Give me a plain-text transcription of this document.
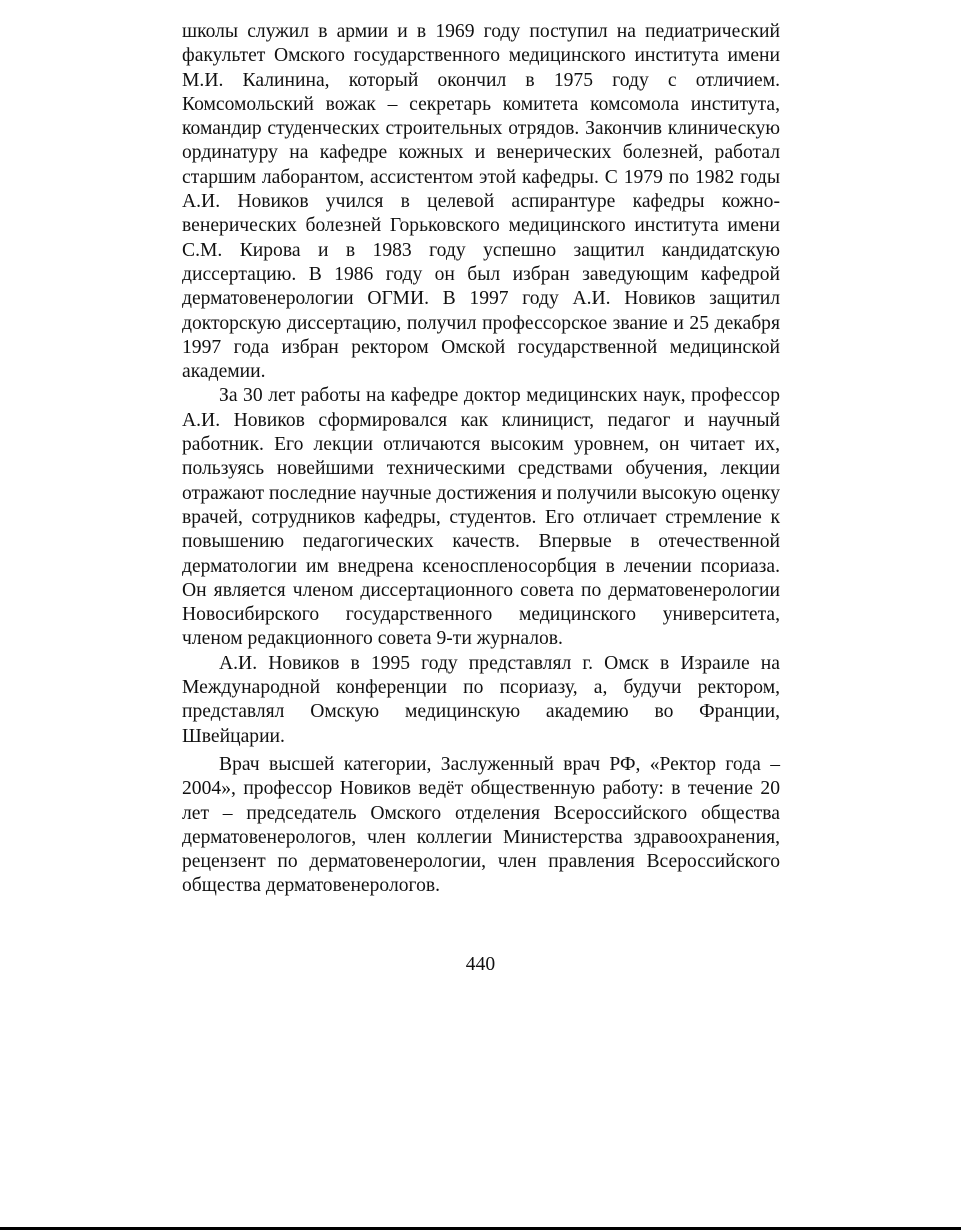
школы служил в армии и в 1969 году поступил на педиатрический факультет Омского государственного медицинского института имени М.И. Калинина, который окончил в 1975 году с отличием. Комсомольский вожак – секретарь комитета комсомола института, командир студенческих строительных отрядов. Закончив клиническую ординатуру на кафедре кожных и венерических болезней, работал старшим лаборантом, ассистентом этой кафедры. С 1979 по 1982 годы А.И. Новиков учился в целевой аспирантуре кафедры кожно-венерических болезней Горьковского медицинского института имени С.М. Кирова и в 1983 году успешно защитил кандидатскую диссертацию. В 1986 году он был избран заведующим кафедрой дерматовенерологии ОГМИ. В 1997 году А.И. Новиков защитил докторскую диссертацию, получил профессорское звание и 25 декабря 1997 года избран ректором Омской государственной медицинской академии.

За 30 лет работы на кафедре доктор медицинских наук, профессор А.И. Новиков сформировался как клиницист, педагог и научный работник. Его лекции отличаются высоким уровнем, он читает их, пользуясь новейшими техническими средствами обучения, лекции отражают последние научные достижения и получили высокую оценку врачей, сотрудников кафедры, студентов. Его отличает стремление к повышению педагогических качеств. Впервые в отечественной дерматологии им внедрена ксеноспленосорбция в лечении псориаза. Он является членом диссертационного совета по дерматовенерологии Новосибирского государственного медицинского университета, членом редакционного совета 9-ти журналов.

А.И. Новиков в 1995 году представлял г. Омск в Израиле на Международной конференции по псориазу, а, будучи ректором, представлял Омскую медицинскую академию во Франции, Швейцарии.

Врач высшей категории, Заслуженный врач РФ, «Ректор года – 2004», профессор Новиков ведёт общественную работу: в течение 20 лет – председатель Омского отделения Всероссийского общества дерматовенерологов, член коллегии Министерства здравоохранения, рецензент по дерматовенерологии, член правления Всероссийского общества дерматовенерологов.

440
